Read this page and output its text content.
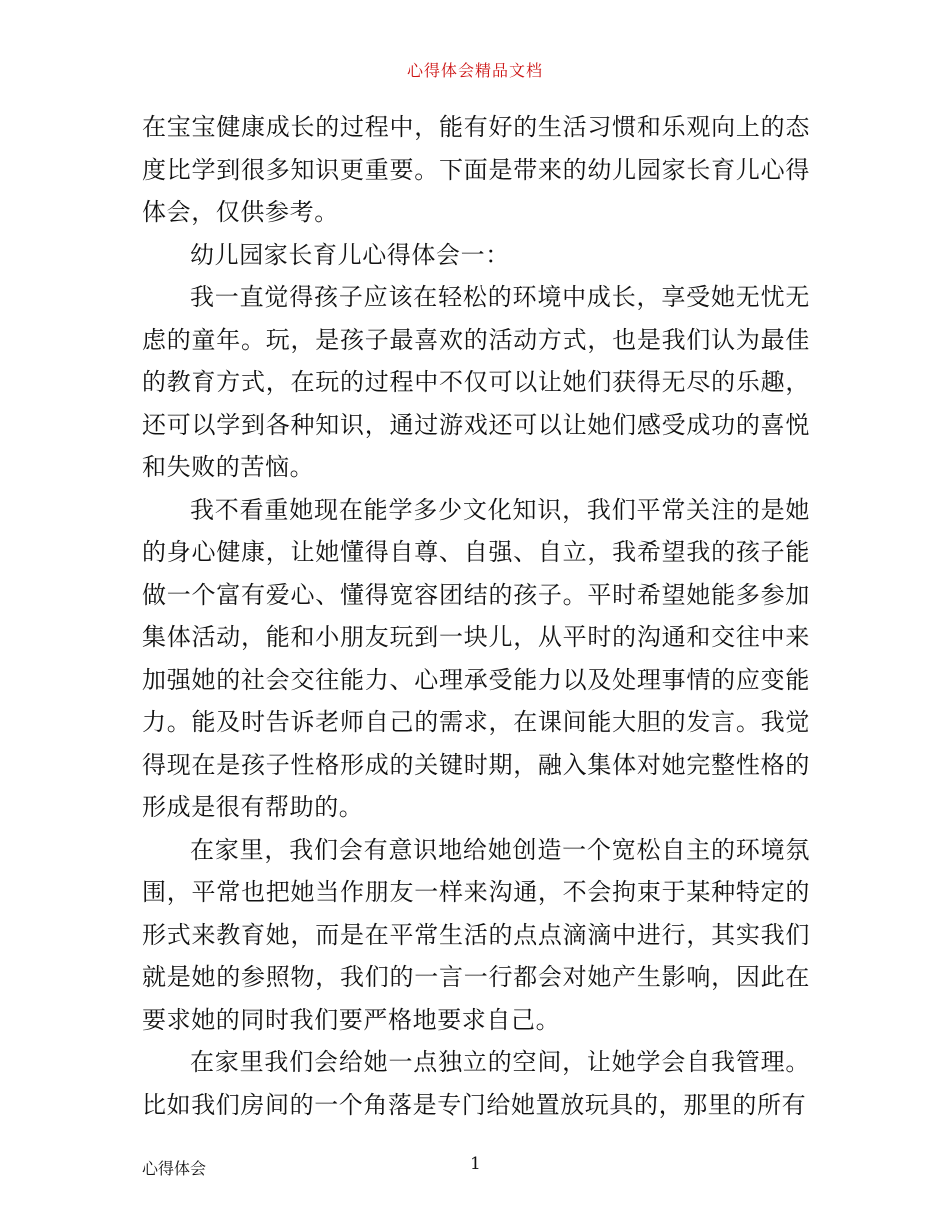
心得体会精品文档

在宝宝健康成长的过程中，能有好的生活习惯和乐观向上的态度比学到很多知识更重要。下面是带来的幼儿园家长育儿心得体会，仅供参考。

幼儿园家长育儿心得体会一：

我一直觉得孩子应该在轻松的环境中成长，享受她无忧无虑的童年。玩，是孩子最喜欢的活动方式，也是我们认为最佳的教育方式，在玩的过程中不仅可以让她们获得无尽的乐趣，还可以学到各种知识，通过游戏还可以让她们感受成功的喜悦和失败的苦恼。

我不看重她现在能学多少文化知识，我们平常关注的是她的身心健康，让她懂得自尊、自强、自立，我希望我的孩子能做一个富有爱心、懂得宽容团结的孩子。平时希望她能多参加集体活动，能和小朋友玩到一块儿，从平时的沟通和交往中来加强她的社会交往能力、心理承受能力以及处理事情的应变能力。能及时告诉老师自己的需求，在课间能大胆的发言。我觉得现在是孩子性格形成的关键时期，融入集体对她完整性格的形成是很有帮助的。

在家里，我们会有意识地给她创造一个宽松自主的环境氛围，平常也把她当作朋友一样来沟通，不会拘束于某种特定的形式来教育她，而是在平常生活的点点滴滴中进行，其实我们就是她的参照物，我们的一言一行都会对她产生影响，因此在要求她的同时我们要严格地要求自己。

在家里我们会给她一点独立的空间，让她学会自我管理。比如我们房间的一个角落是专门给她置放玩具的，那里的所有

心得体会	1
